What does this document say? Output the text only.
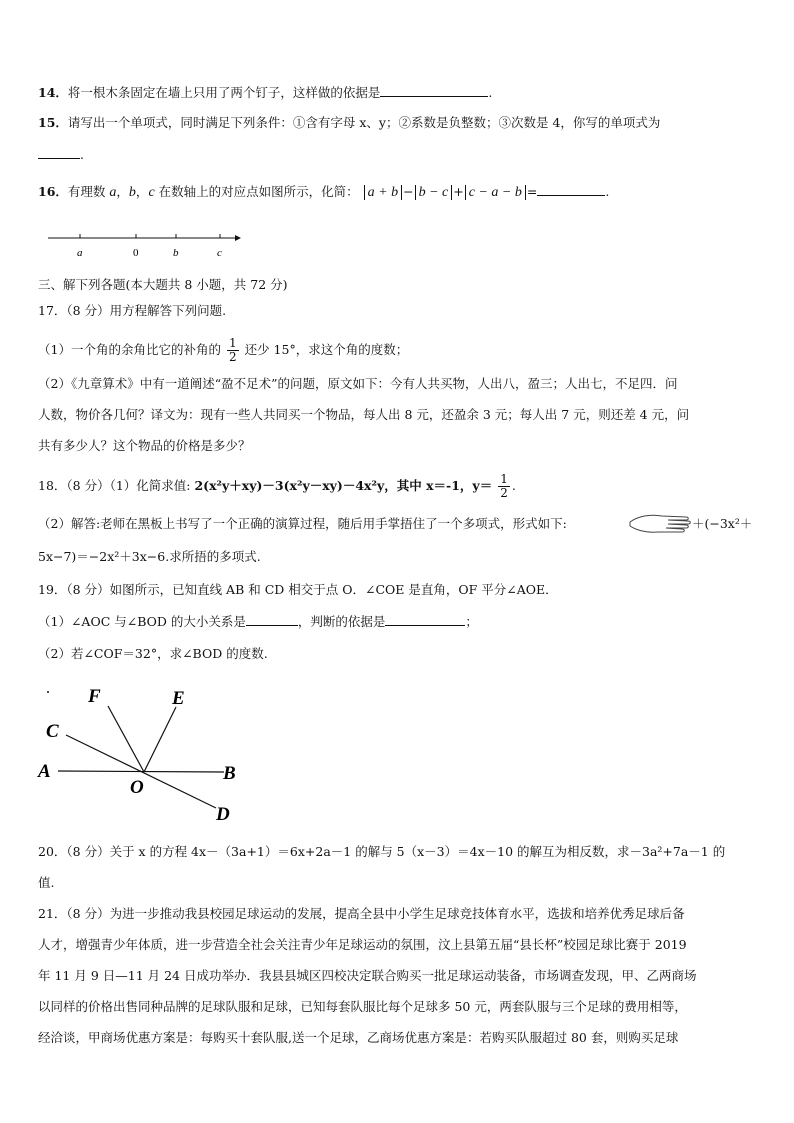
14．将一根木条固定在墙上只用了两个钉子，这样做的依据是	.
15．请写出一个单项式，同时满足下列条件：①含有字母 x、y；②系数是负整数；③次数是 4，你写的单项式为
.
16．有理数 a，b，c 在数轴上的对应点如图所示，化简： a + b − b − c + c − a − b =	.
a	0	b	c
三、解下列各题(本大题共 8 小题，共 72 分)
17．（8 分）用方程解答下列问题.
（1）一个角的余角比它的补角的 $\frac{1}{2}$ 还少 15°，求这个角的度数；
（2）《九章算术》中有一道阐述“盈不足术”的问题，原文如下：今有人共买物，人出八，盈三；人出七，不足四．问
人数，物价各几何？译文为：现有一些人共同买一个物品，每人出 8 元，还盈余 3 元；每人出 7 元，则还差 4 元，问
共有多少人？这个物品的价格是多少？
18．（8 分）（1）化简求值: 2(x²y＋xy)－3(x²y－xy)－4x²y，其中 x＝-1，$y= \frac{1}{2}$ .
（2）解答:老师在黑板上书写了一个正确的演算过程，随后用手掌捂住了一个多项式，形式如下:	＋(−3x²＋
5x−7)＝−2x²＋3x−6.求所捂的多项式.
19．（8 分）如图所示，已知直线 AB 和 CD 相交于点 O．∠COE 是直角，OF 平分∠AOE．
（1）∠AOC 与∠BOD 的大小关系是	，判断的依据是	；
（2）若∠COF＝32°，求∠BOD 的度数.
F	E
C
A
O
B
D
20．（8 分）关于 x 的方程 4x－（3a+1）＝6x+2a－1 的解与 5（x－3）＝4x－10 的解互为相反数，求－3a²+7a－1 的
值.
21．（8 分）为进一步推动我县校园足球运动的发展，提高全县中小学生足球竞技体育水平，选拔和培养优秀足球后备
人才，增强青少年体质，进一步营造全社会关注青少年足球运动的氛围，汶上县第五届“县长杯”校园足球比赛于 2019
年 11 月 9 日—11 月 24 日成功举办．我县县城区四校决定联合购买一批足球运动装备，市场调查发现，甲、乙两商场
以同样的价格出售同种品牌的足球队服和足球，已知每套队服比每个足球多 50 元，两套队服与三个足球的费用相等，
经洽谈，甲商场优惠方案是：每购买十套队服,送一个足球，乙商场优惠方案是：若购买队服超过 80 套，则购买足球
